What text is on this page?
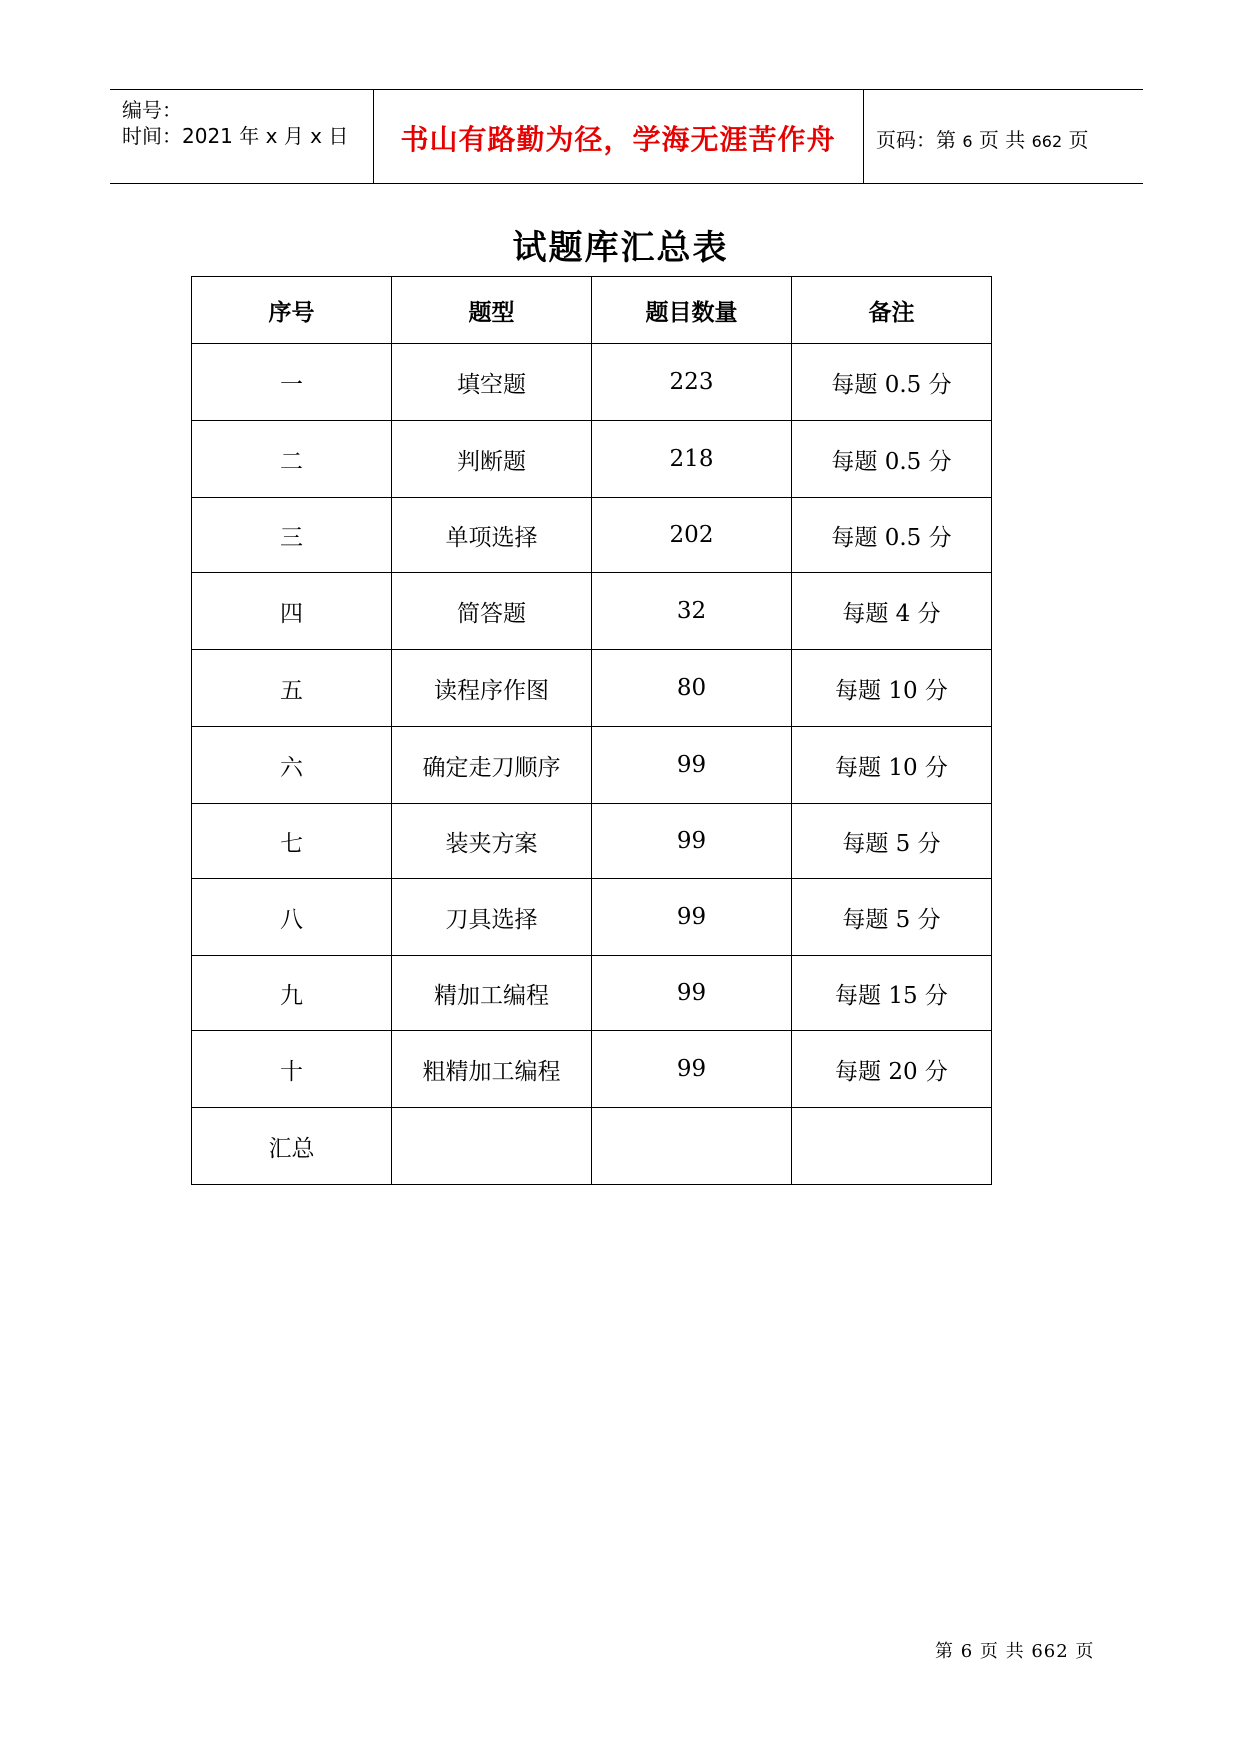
编号：
时间：2021 年 x 月 x 日	书山有路勤为径，学海无涯苦作舟	页码：第 6 页 共 662 页
试题库汇总表
序号	题型	题目数量	备注
一	填空题	223	每题 0.5 分
二	判断题	218	每题 0.5 分
三	单项选择	202	每题 0.5 分
四	简答题	32	每题 4 分
五	读程序作图	80	每题 10 分
六	确定走刀顺序	99	每题 10 分
七	装夹方案	99	每题 5 分
八	刀具选择	99	每题 5 分
九	精加工编程	99	每题 15 分
十	粗精加工编程	99	每题 20 分
汇总			
第 6 页 共 662 页
